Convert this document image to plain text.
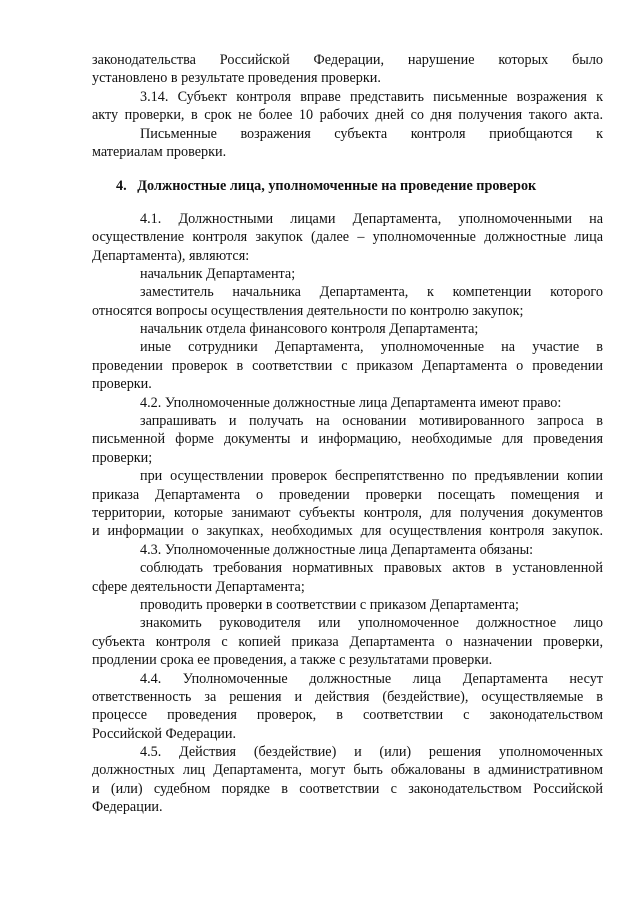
законодательства Российской Федерации, нарушение которых было

установлено в результате проведения проверки.

3.14. Субъект контроля вправе представить письменные возражения к

акту проверки, в срок не более 10 рабочих дней со дня получения такого акта.

Письменные возражения субъекта контроля приобщаются к

материалам проверки.

4. Должностные лица, уполномоченные на проведение проверок

4.1. Должностными лицами Департамента, уполномоченными на

осуществление контроля закупок (далее – уполномоченные должностные лица

Департамента), являются:

начальник Департамента;

заместитель начальника Департамента, к компетенции которого

относятся вопросы осуществления деятельности по контролю закупок;

начальник отдела финансового контроля Департамента;

иные сотрудники Департамента, уполномоченные на участие в

проведении проверок в соответствии с приказом Департамента о проведении

проверки.

4.2. Уполномоченные должностные лица Департамента имеют право:

запрашивать и получать на основании мотивированного запроса в

письменной форме документы и информацию, необходимые для проведения

проверки;

при осуществлении проверок беспрепятственно по предъявлении копии

приказа Департамента о проведении проверки посещать помещения и

территории, которые занимают субъекты контроля, для получения документов

и информации о закупках, необходимых для осуществления контроля закупок.

4.3. Уполномоченные должностные лица Департамента обязаны:

соблюдать требования нормативных правовых актов в установленной

сфере деятельности Департамента;

проводить проверки в соответствии с приказом Департамента;

знакомить руководителя или уполномоченное должностное лицо

субъекта контроля с копией приказа Департамента о назначении проверки,

продлении срока ее проведения, а также с результатами проверки.

4.4. Уполномоченные должностные лица Департамента несут

ответственность за решения и действия (бездействие), осуществляемые в

процессе проведения проверок, в соответствии с законодательством

Российской Федерации.

4.5. Действия (бездействие) и (или) решения уполномоченных

должностных лиц Департамента, могут быть обжалованы в административном

и (или) судебном порядке в соответствии с законодательством Российской

Федерации.
